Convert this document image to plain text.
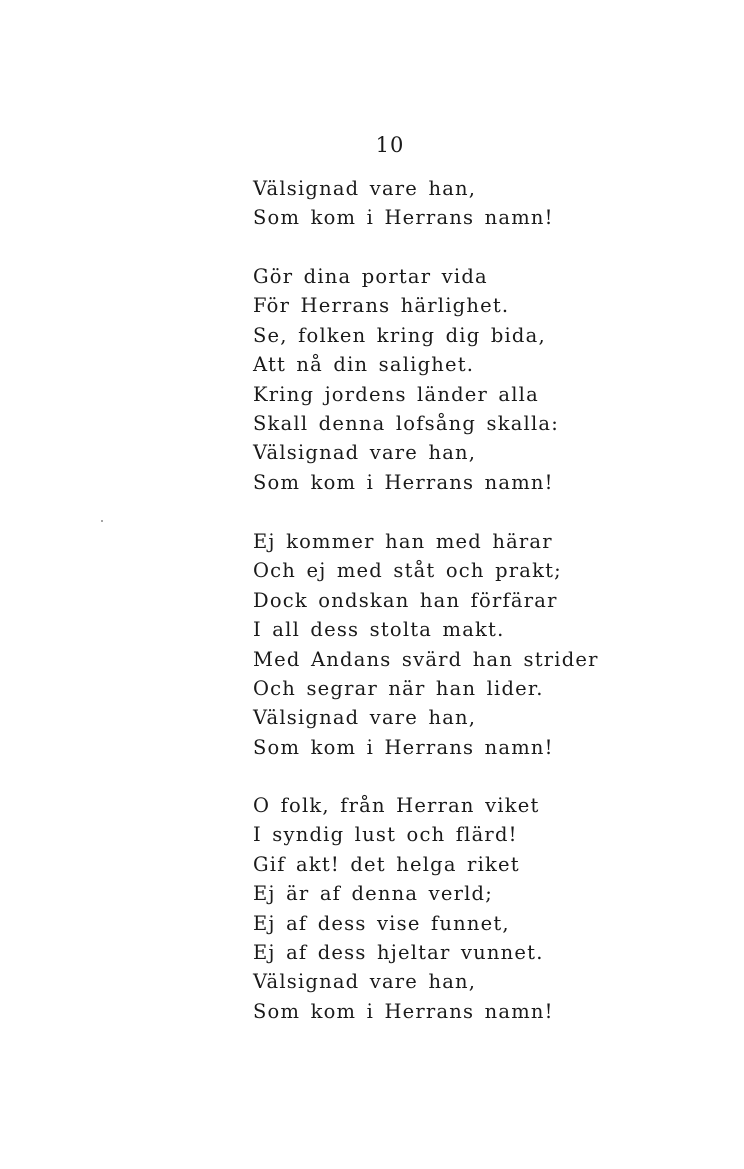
10
Välsignad vare han,
Som kom i Herrans namn!
Gör dina portar vida
För Herrans härlighet.
Se, folken kring dig bida,
Att nå din salighet.
Kring jordens länder alla
Skall denna lofsång skalla:
Välsignad vare han,
Som kom i Herrans namn!
Ej kommer han med härar
Och ej med ståt och prakt;
Dock ondskan han förfärar
I all dess stolta makt.
Med Andans svärd han strider
Och segrar när han lider.
Välsignad vare han,
Som kom i Herrans namn!
O folk, från Herran viket
I syndig lust och flärd!
Gif akt! det helga riket
Ej är af denna verld;
Ej af dess vise funnet,
Ej af dess hjeltar vunnet.
Välsignad vare han,
Som kom i Herrans namn!
